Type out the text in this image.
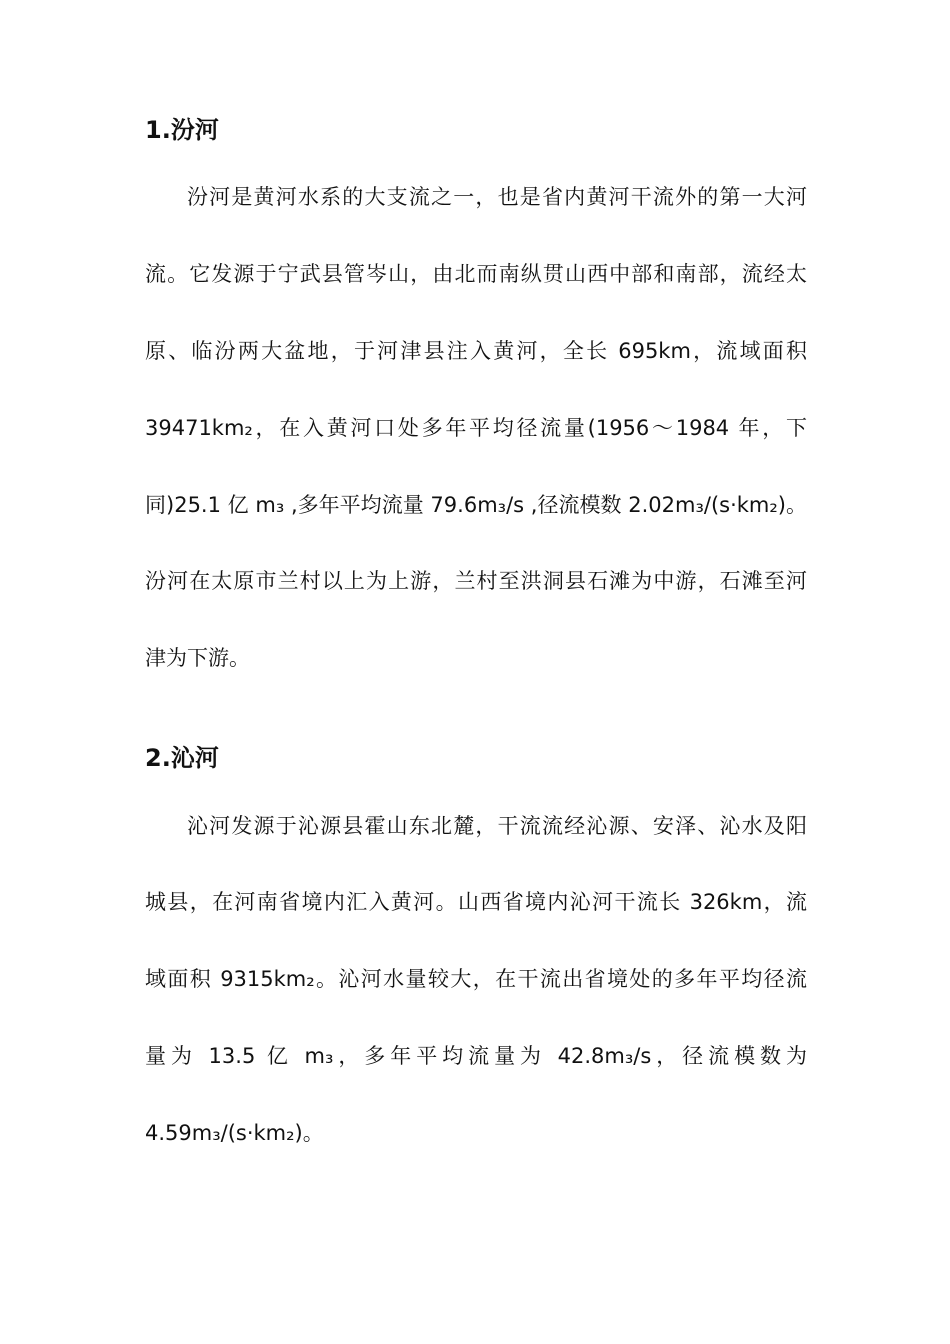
1.汾河

汾河是黄河水系的大支流之一，也是省内黄河干流外的第一大河

流。它发源于宁武县管岑山，由北而南纵贯山西中部和南部，流经太

原、临汾两大盆地，于河津县注入黄河，全长 695km，流域面积

39471km₂，在入黄河口处多年平均径流量(1956～1984 年，下

同)25.1 亿 m₃ ,多年平均流量 79.6m₃/s ,径流模数 2.02m₃/(s·km₂)。

汾河在太原市兰村以上为上游，兰村至洪洞县石滩为中游，石滩至河

津为下游。

2.沁河

沁河发源于沁源县霍山东北麓，干流流经沁源、安泽、沁水及阳

城县，在河南省境内汇入黄河。山西省境内沁河干流长 326km，流

域面积 9315km₂。沁河水量较大，在干流出省境处的多年平均径流

量为 13.5 亿 m₃，多年平均流量为 42.8m₃/s，径流模数为

4.59m₃/(s·km₂)。
